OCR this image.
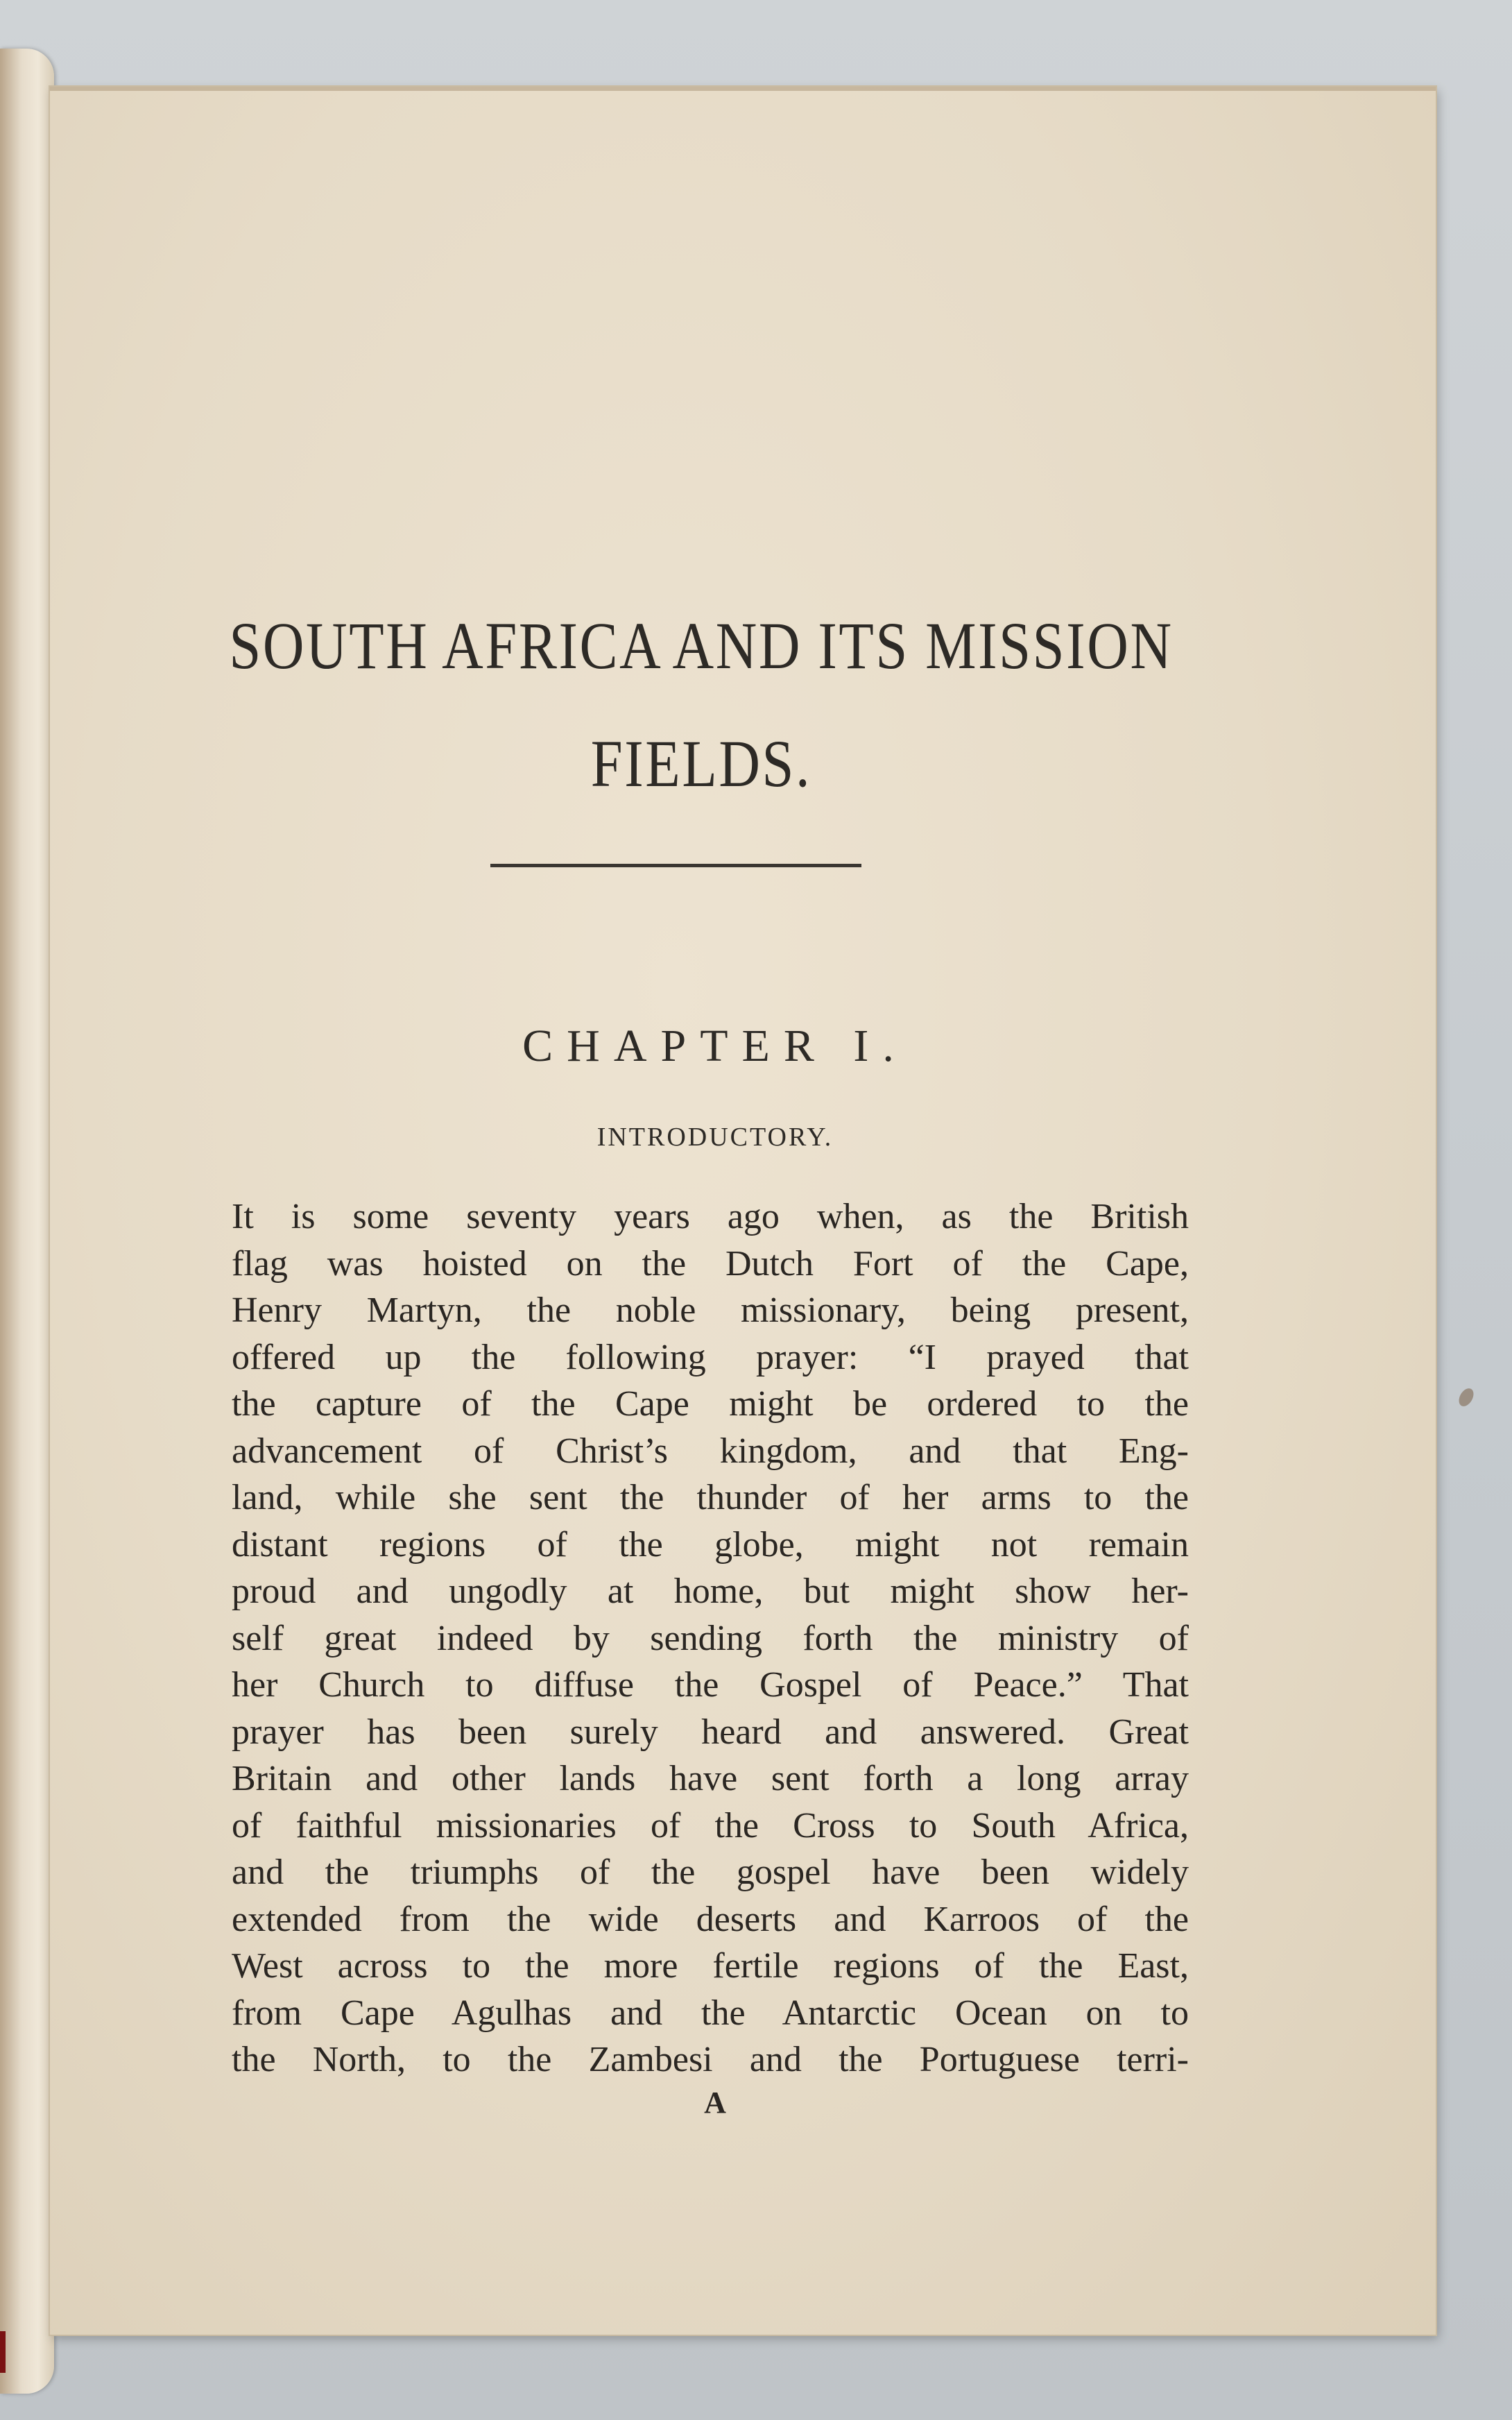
SOUTH AFRICA AND ITS MISSION
FIELDS.
CHAPTER I.
INTRODUCTORY.
It is some seventy years ago when, as the British
flag was hoisted on the Dutch Fort of the Cape,
Henry Martyn, the noble missionary, being present,
offered up the following prayer: “I prayed that
the capture of the Cape might be ordered to the
advancement of Christ’s kingdom, and that Eng-
land, while she sent the thunder of her arms to the
distant regions of the globe, might not remain
proud and ungodly at home, but might show her-
self great indeed by sending forth the ministry of
her Church to diffuse the Gospel of Peace.” That
prayer has been surely heard and answered. Great
Britain and other lands have sent forth a long array
of faithful missionaries of the Cross to South Africa,
and the triumphs of the gospel have been widely
extended from the wide deserts and Karroos of the
West across to the more fertile regions of the East,
from Cape Agulhas and the Antarctic Ocean on to
the North, to the Zambesi and the Portuguese terri-
A
